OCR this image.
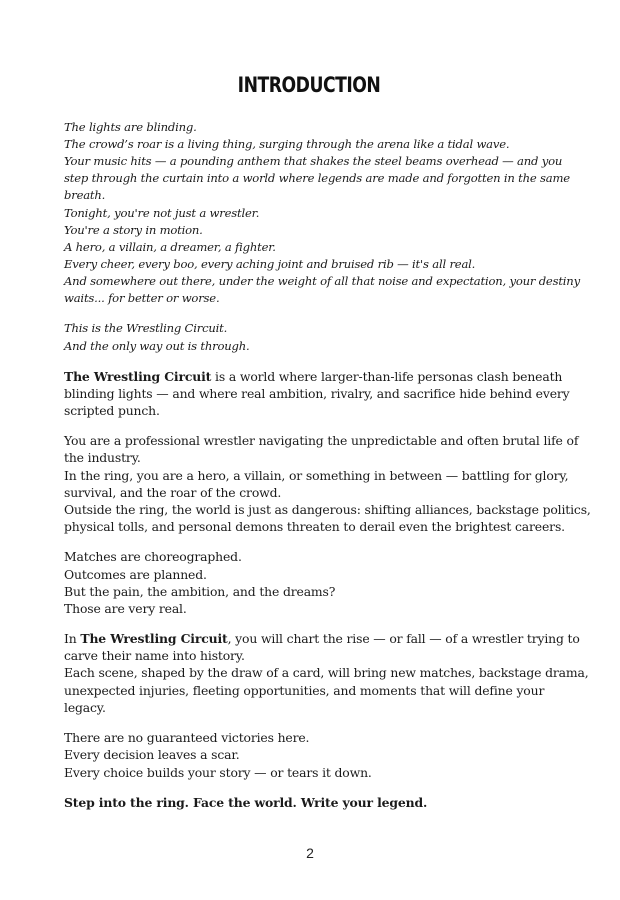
INTRODUCTION
The lights are blinding.
The crowd’s roar is a living thing, surging through the arena like a tidal wave.
Your music hits — a pounding anthem that shakes the steel beams overhead — and you
step through the curtain into a world where legends are made and forgotten in the same
breath.
Tonight, you're not just a wrestler.
You're a story in motion.
A hero, a villain, a dreamer, a fighter.
Every cheer, every boo, every aching joint and bruised rib — it's all real.
And somewhere out there, under the weight of all that noise and expectation, your destiny
waits... for better or worse.
This is the Wrestling Circuit.
And the only way out is through.
The Wrestling Circuit is a world where larger-than-life personas clash beneath
blinding lights — and where real ambition, rivalry, and sacrifice hide behind every
scripted punch.
You are a professional wrestler navigating the unpredictable and often brutal life of
the industry.
In the ring, you are a hero, a villain, or something in between — battling for glory,
survival, and the roar of the crowd.
Outside the ring, the world is just as dangerous: shifting alliances, backstage politics,
physical tolls, and personal demons threaten to derail even the brightest careers.
Matches are choreographed.
Outcomes are planned.
But the pain, the ambition, and the dreams?
Those are very real.
In The Wrestling Circuit, you will chart the rise — or fall — of a wrestler trying to
carve their name into history.
Each scene, shaped by the draw of a card, will bring new matches, backstage drama,
unexpected injuries, fleeting opportunities, and moments that will define your
legacy.
There are no guaranteed victories here.
Every decision leaves a scar.
Every choice builds your story — or tears it down.
Step into the ring. Face the world. Write your legend.
2
